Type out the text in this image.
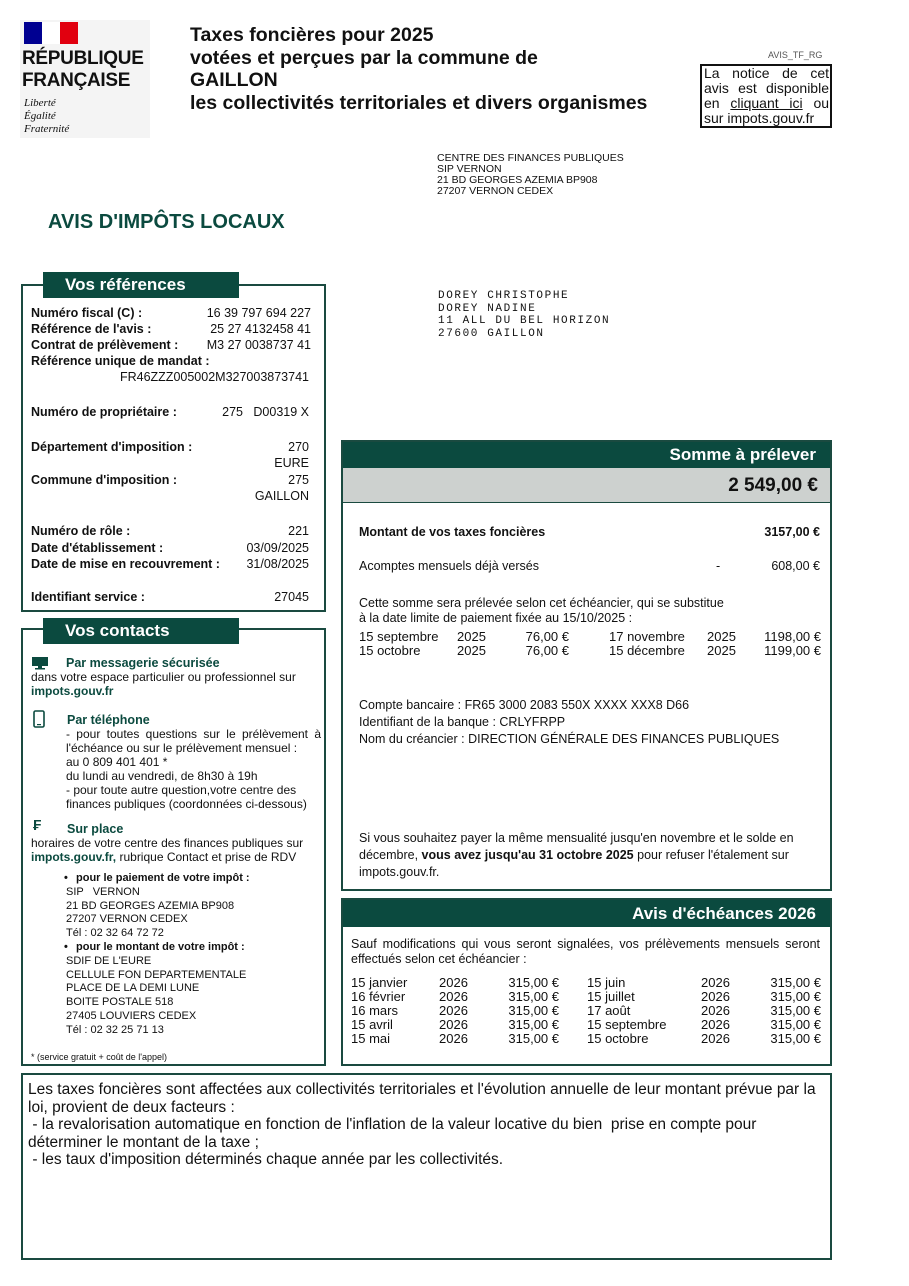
RÉPUBLIQUE
FRANÇAISE
Liberté
Égalité
Fraternité
Taxes foncières pour 2025
votées et perçues par la commune de
GAILLON
les collectivités territoriales et divers organismes
AVIS_TF_RG
La notice de cet avis est disponible en cliquant ici ou sur impots.gouv.fr
CENTRE DES FINANCES PUBLIQUES
SIP VERNON
21 BD GEORGES AZEMIA BP908
27207 VERNON CEDEX
AVIS D'IMPÔTS LOCAUX
DOREY CHRISTOPHE
DOREY NADINE
11 ALL DU BEL HORIZON
27600 GAILLON
Vos références
Numéro fiscal (C) :	16 39 797 694 227
Référence de l'avis :	25 27 4132458 41
Contrat de prélèvement : M3 27 0038737 41
Référence unique de mandat :
FR46ZZZ005002M327003873741
Numéro de propriétaire :	275   D00319 X
Département d'imposition :	270
EURE
Commune d'imposition :	275
GAILLON
Numéro de rôle :	221
Date d'établissement :	03/09/2025
Date de mise en recouvrement : 31/08/2025
Identifiant service :	27045
Vos contacts
Par messagerie sécurisée
dans votre espace particulier ou professionnel sur
impots.gouv.fr
Par téléphone
- pour toutes questions sur le prélèvement à l'échéance ou sur le prélèvement mensuel :
au 0 809 401 401 *
du lundi au vendredi, de 8h30 à 19h
- pour toute autre question,votre centre des finances publiques (coordonnées ci-dessous)
₣	Sur place
horaires de votre centre des finances publiques sur
impots.gouv.fr, rubrique Contact et prise de RDV
• pour le paiement de votre impôt :
SIP   VERNON
21 BD GEORGES AZEMIA BP908
27207 VERNON CEDEX
Tél : 02 32 64 72 72
• pour le montant de votre impôt :
SDIF DE L'EURE
CELLULE FON DEPARTEMENTALE
PLACE DE LA DEMI LUNE
BOITE POSTALE 518
27405 LOUVIERS CEDEX
Tél : 02 32 25 71 13
* (service gratuit + coût de l'appel)
Somme à prélever
2 549,00 €
Montant de vos taxes foncières	3157,00 €
Acomptes mensuels déjà versés	-	608,00 €
Cette somme sera prélevée selon cet échéancier, qui se substitue
à la date limite de paiement fixée au 15/10/2025 :
15 septembre	2025	76,00 €		17 novembre	2025	1198,00 €
15 octobre	2025	76,00 €		15 décembre	2025	1199,00 €
Compte bancaire : FR65 3000 2083 550X XXXX XXX8 D66
Identifiant de la banque : CRLYFRPP
Nom du créancier : DIRECTION GÉNÉRALE DES FINANCES PUBLIQUES
Si vous souhaitez payer la même mensualité jusqu'en novembre et le solde en décembre, vous avez jusqu'au 31 octobre 2025 pour refuser l'étalement sur impots.gouv.fr.
Avis d'échéances 2026
Sauf modifications qui vous seront signalées, vos prélèvements mensuels seront effectués selon cet échéancier :
15 janvier	2026	315,00 €		15 juin	2026	315,00 €
16 février	2026	315,00 €		15 juillet	2026	315,00 €
16 mars	2026	315,00 €		17 août	2026	315,00 €
15 avril	2026	315,00 €		15 septembre	2026	315,00 €
15 mai	2026	315,00 €		15 octobre	2026	315,00 €
Les taxes foncières sont affectées aux collectivités territoriales et l'évolution annuelle de leur montant prévue par la loi, provient de deux facteurs :
- la revalorisation automatique en fonction de l'inflation de la valeur locative du bien  prise en compte pour déterminer le montant de la taxe ;
- les taux d'imposition déterminés chaque année par les collectivités.
